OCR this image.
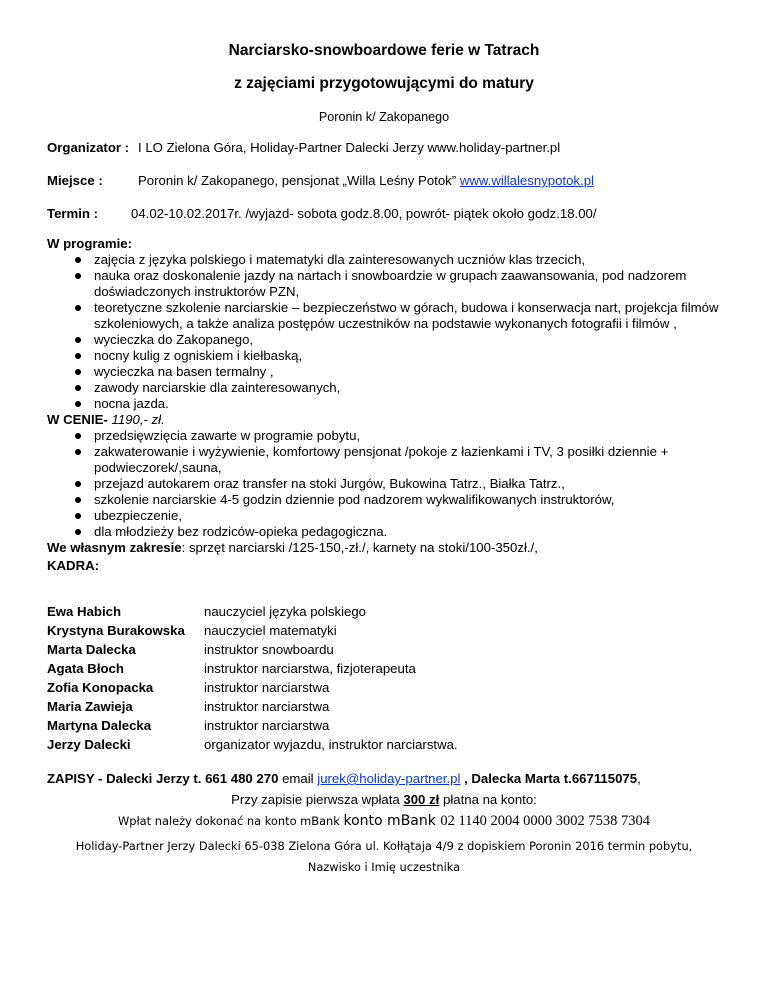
Narciarsko-snowboardowe ferie w Tatrach
z zajęciami przygotowującymi do matury
Poronin k/ Zakopanego
Organizator : I LO Zielona Góra, Holiday-Partner Dalecki Jerzy www.holiday-partner.pl
Miejsce :	Poronin k/ Zakopanego, pensjonat „Willa Leśny Potok” www.willalesnypotok.pl
Termin : 04.02-10.02.2017r. /wyjazd- sobota godz.8.00, powrót- piątek około godz.18.00/
W programie:
zajęcia z języka polskiego i matematyki dla zainteresowanych uczniów klas trzecich,
nauka oraz doskonalenie jazdy na nartach i snowboardzie w grupach zaawansowania, pod nadzorem
doświadczonych instruktorów PZN,
teoretyczne szkolenie narciarskie – bezpieczeństwo w górach, budowa i konserwacja nart, projekcja filmów
szkoleniowych, a także analiza postępów uczestników na podstawie wykonanych fotografii i filmów ,
wycieczka do Zakopanego,
nocny kulig z ogniskiem i kiełbaską,
wycieczka na basen termalny ,
zawody narciarskie dla zainteresowanych,
nocna jazda.
W CENIE- 1190,- zł.
przedsięwzięcia zawarte w programie pobytu,
zakwaterowanie i wyżywienie, komfortowy pensjonat /pokoje z łazienkami i TV, 3 posiłki dziennie +
podwieczorek/,sauna,
przejazd autokarem oraz transfer na stoki Jurgów, Bukowina Tatrz., Białka Tatrz.,
szkolenie narciarskie 4-5 godzin dziennie pod nadzorem wykwalifikowanych instruktorów,
ubezpieczenie,
dla młodzieży bez rodziców-opieka pedagogiczna.
We własnym zakresie: sprzęt narciarski /125-150,-zł./, karnety na stoki/100-350zł./,
KADRA:
Ewa Habich	nauczyciel języka polskiego
Krystyna Burakowska nauczyciel matematyki
Marta Dalecka	instruktor snowboardu
Agata Błoch	instruktor narciarstwa, fizjoterapeuta
Zofia Konopacka	instruktor narciarstwa
Maria Zawieja	instruktor narciarstwa
Martyna Dalecka	instruktor narciarstwa
Jerzy Dalecki	organizator wyjazdu, instruktor narciarstwa.
ZAPISY - Dalecki Jerzy t. 661 480 270 email jurek@holiday-partner.pl , Dalecka Marta t.667115075,
Przy zapisie pierwsza wpłata 300 zł płatna na konto:
Wpłat należy dokonać na konto mBank konto mBank 02 1140 2004 0000 3002 7538 7304
Holiday-Partner Jerzy Dalecki 65-038 Zielona Góra ul. Kołłątaja 4/9 z dopiskiem Poronin 2016 termin pobytu,
Nazwisko i Imię uczestnika
